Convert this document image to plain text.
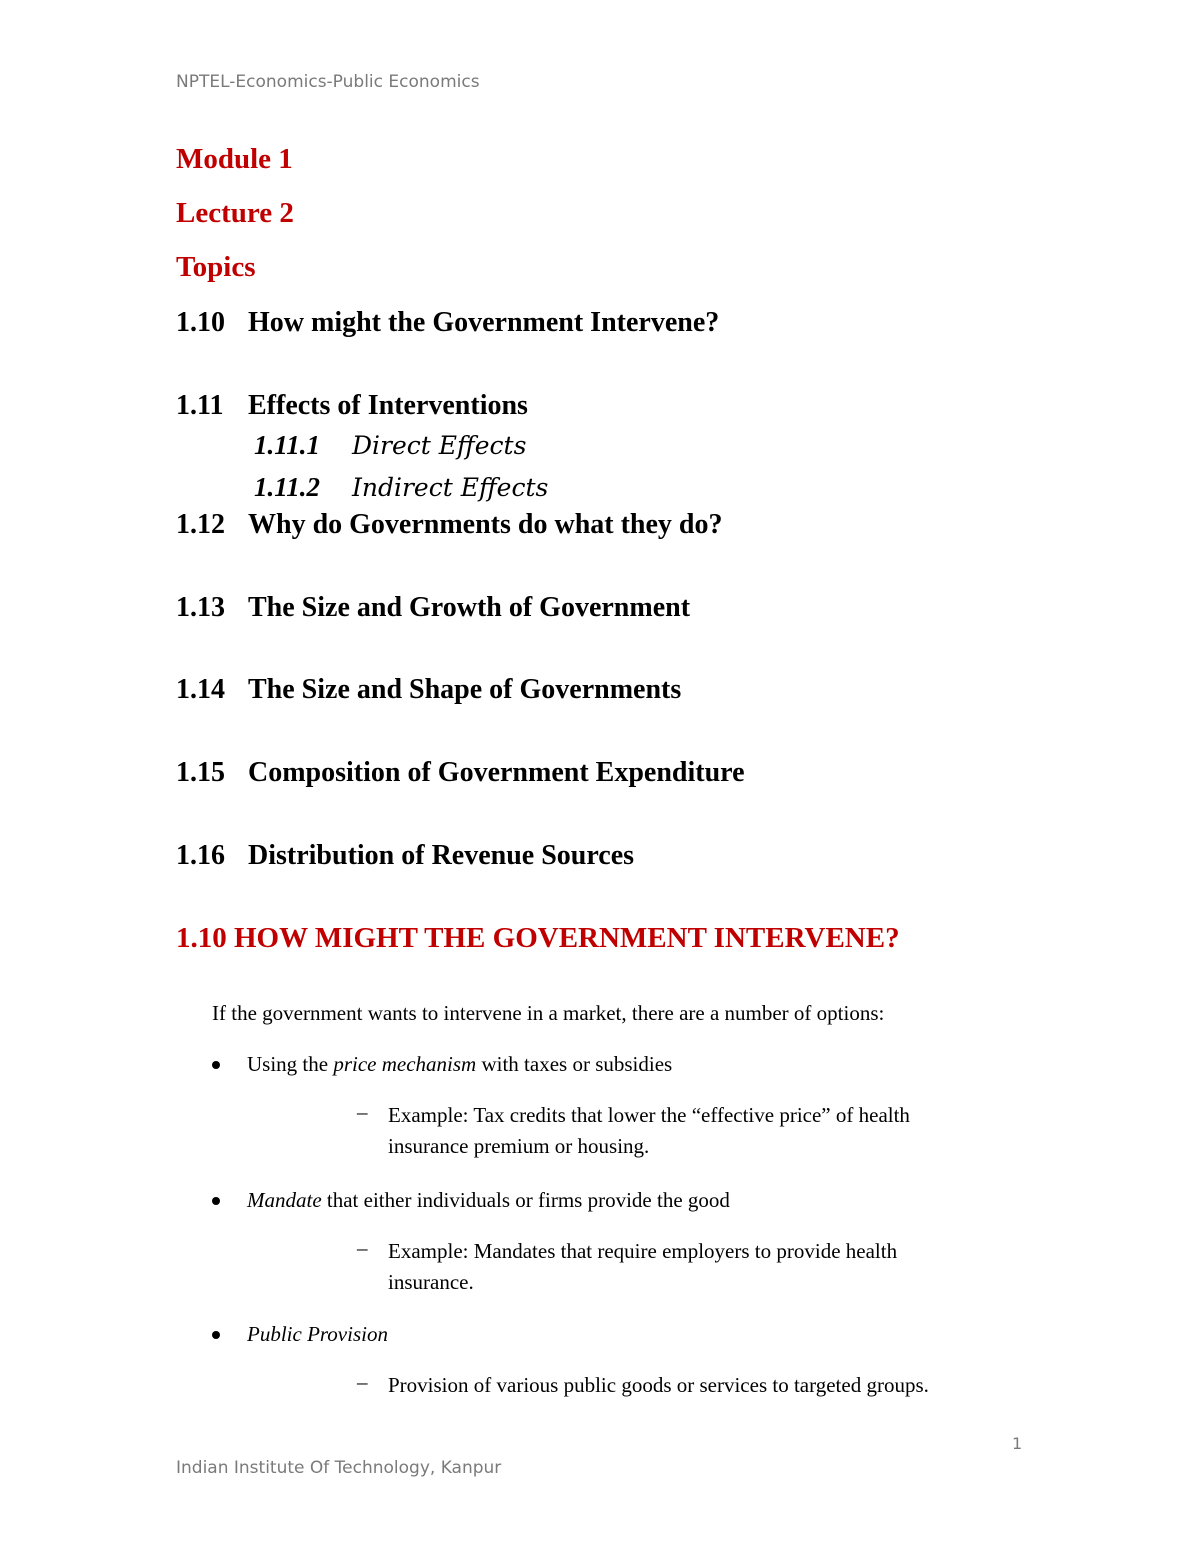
NPTEL-Economics-Public Economics
Module 1
Lecture 2
Topics
1.10 How might the Government Intervene?
1.11 Effects of Interventions
1.11.1 Direct Effects
1.11.2 Indirect Effects
1.12 Why do Governments do what they do?
1.13 The Size and Growth of Government
1.14 The Size and Shape of Governments
1.15 Composition of Government Expenditure
1.16 Distribution of Revenue Sources
1.10 HOW MIGHT THE GOVERNMENT INTERVENE?
If the government wants to intervene in a market, there are a number of options:
Using the price mechanism with taxes or subsidies
– Example: Tax credits that lower the “effective price” of health insurance premium or housing.
Mandate that either individuals or firms provide the good
– Example: Mandates that require employers to provide health insurance.
Public Provision
– Provision of various public goods or services to targeted groups.
1
Indian Institute Of Technology, Kanpur
